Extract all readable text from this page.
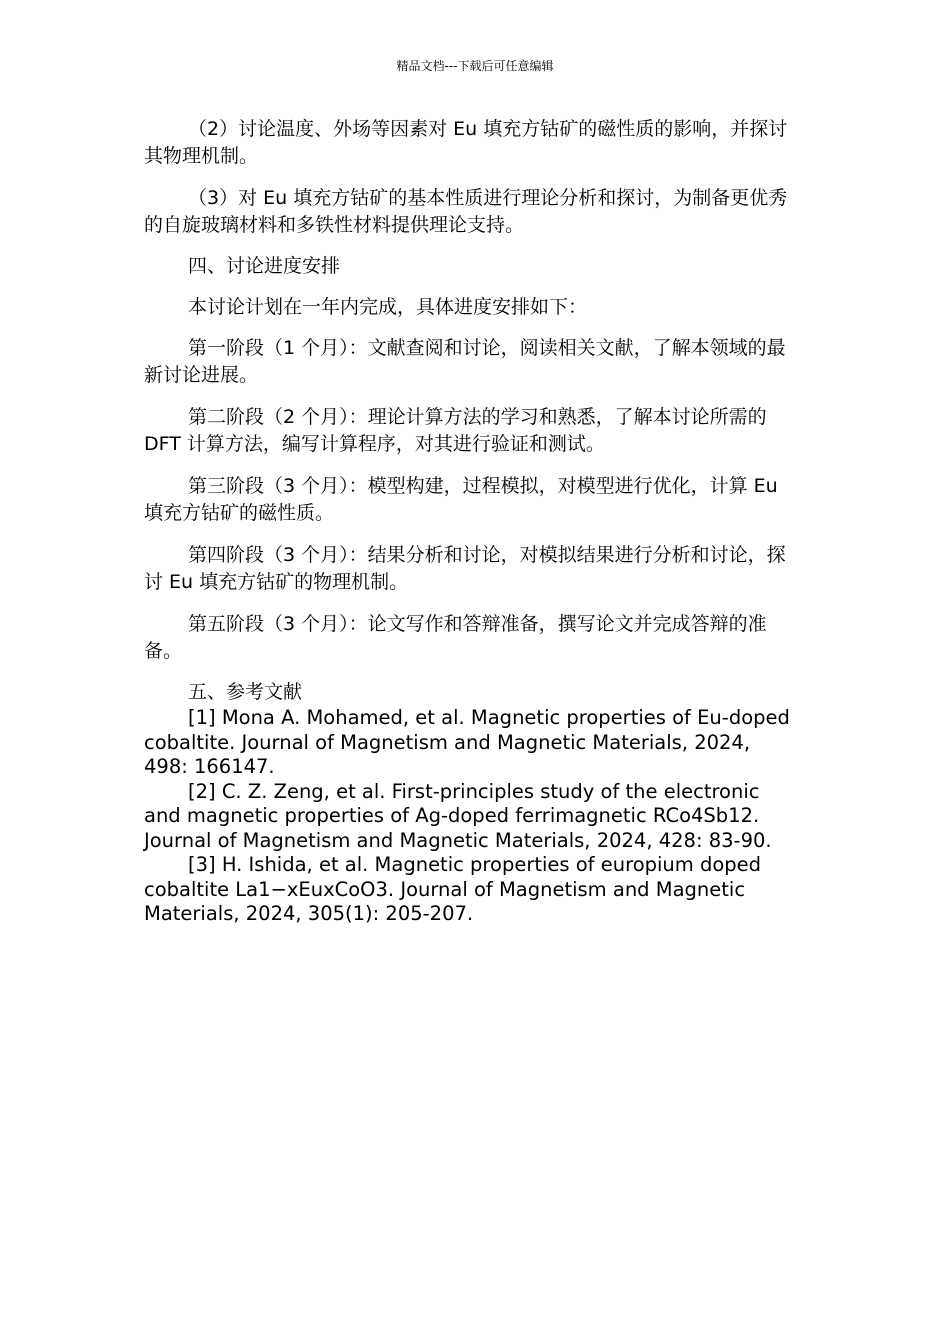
精品文档---下载后可任意编辑

（2）讨论温度、外场等因素对 Eu 填充方钴矿的磁性质的影响，并探讨其物理机制。

（3）对 Eu 填充方钴矿的基本性质进行理论分析和探讨，为制备更优秀的自旋玻璃材料和多铁性材料提供理论支持。

四、讨论进度安排

本讨论计划在一年内完成，具体进度安排如下：

第一阶段（1 个月）：文献查阅和讨论，阅读相关文献，了解本领域的最新讨论进展。

第二阶段（2 个月）：理论计算方法的学习和熟悉，了解本讨论所需的 DFT 计算方法，编写计算程序，对其进行验证和测试。

第三阶段（3 个月）：模型构建，过程模拟，对模型进行优化，计算 Eu 填充方钴矿的磁性质。

第四阶段（3 个月）：结果分析和讨论，对模拟结果进行分析和讨论，探讨 Eu 填充方钴矿的物理机制。

第五阶段（3 个月）：论文写作和答辩准备，撰写论文并完成答辩的准备。

五、参考文献

[1] Mona A. Mohamed, et al. Magnetic properties of Eu-doped cobaltite. Journal of Magnetism and Magnetic Materials, 2024, 498: 166147.

[2] C. Z. Zeng, et al. First-principles study of the electronic and magnetic properties of Ag-doped ferrimagnetic RCo4Sb12. Journal of Magnetism and Magnetic Materials, 2024, 428: 83-90.

[3] H. Ishida, et al. Magnetic properties of europium doped cobaltite La1−xEuxCoO3. Journal of Magnetism and Magnetic Materials, 2024, 305(1): 205-207.
